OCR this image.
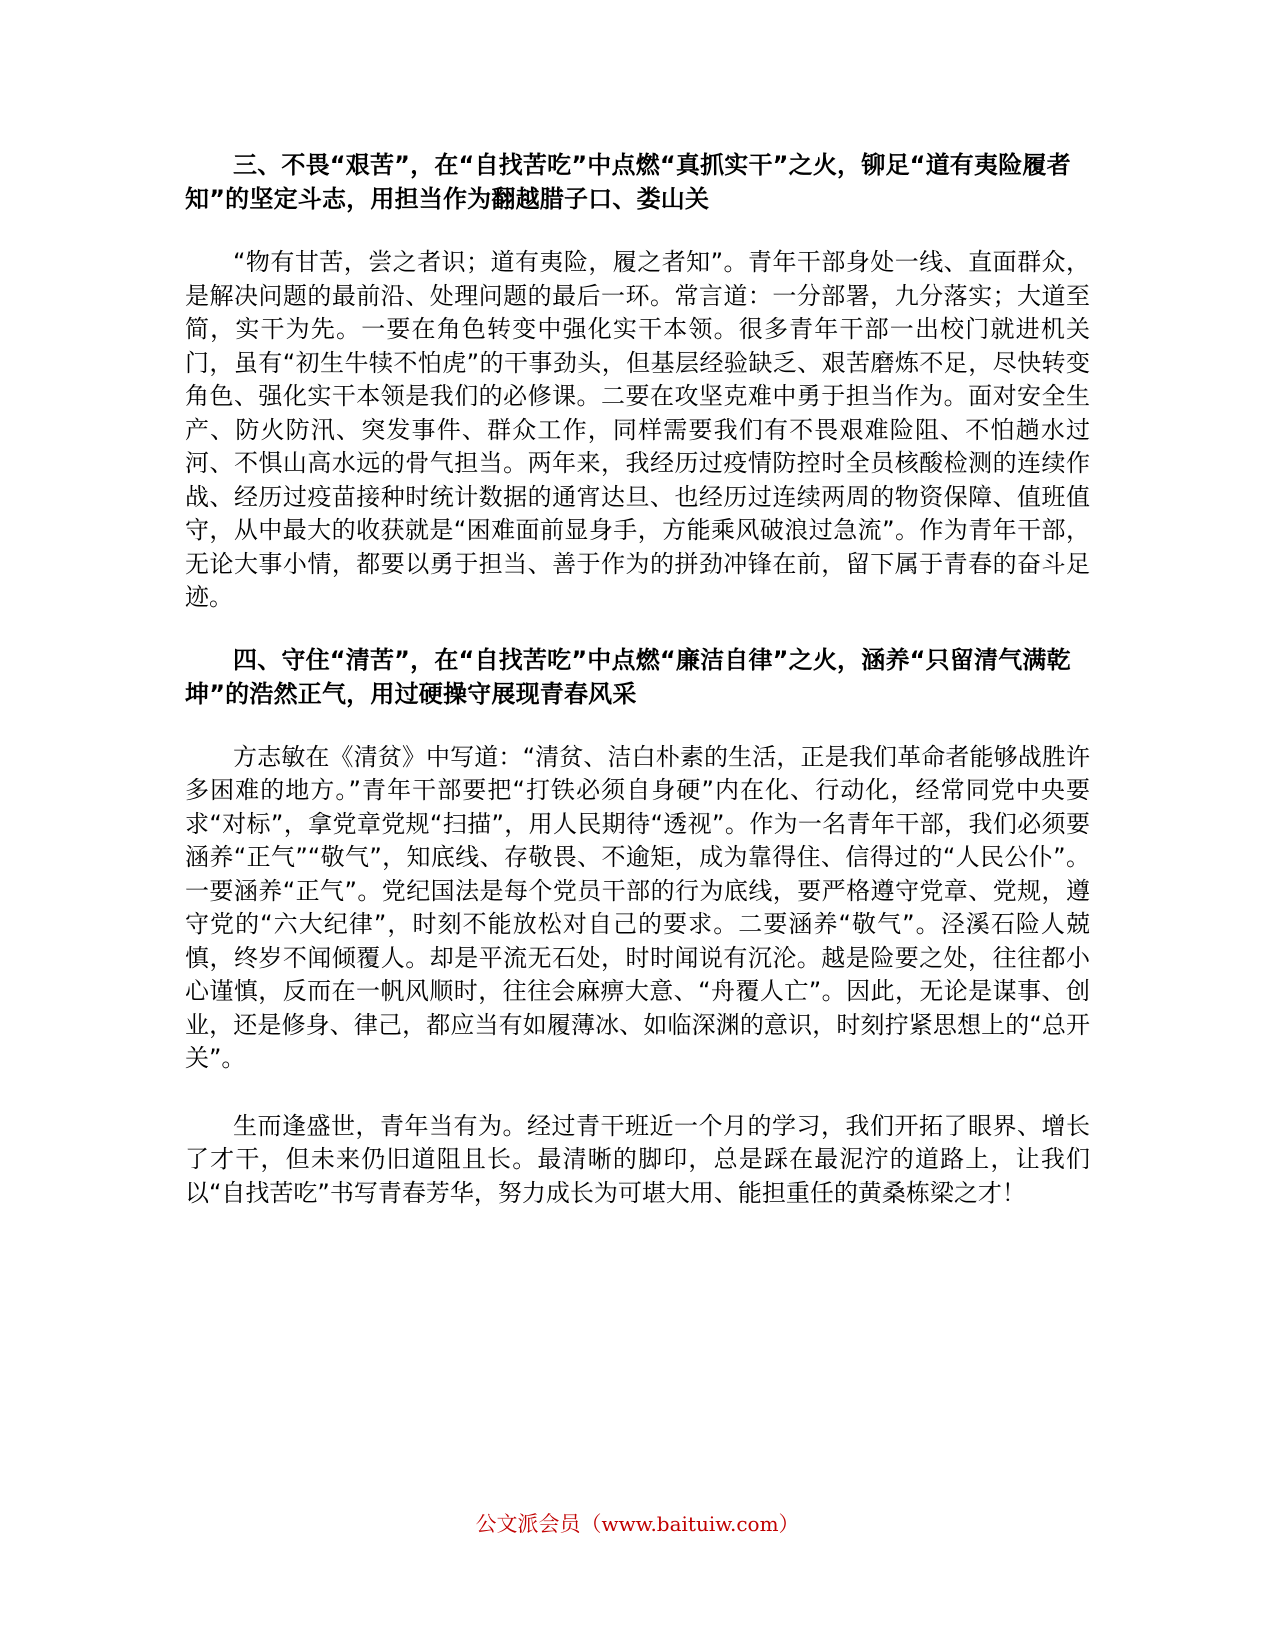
三、不畏“艰苦”，在“自找苦吃”中点燃“真抓实干”之火，铆足“道有夷险履者知”的坚定斗志，用担当作为翻越腊子口、娄山关

“物有甘苦，尝之者识；道有夷险，履之者知”。青年干部身处一线、直面群众，是解决问题的最前沿、处理问题的最后一环。常言道：一分部署，九分落实；大道至简，实干为先。一要在角色转变中强化实干本领。很多青年干部一出校门就进机关门，虽有“初生牛犊不怕虎”的干事劲头，但基层经验缺乏、艰苦磨炼不足，尽快转变角色、强化实干本领是我们的必修课。二要在攻坚克难中勇于担当作为。面对安全生产、防火防汛、突发事件、群众工作，同样需要我们有不畏艰难险阻、不怕趟水过河、不惧山高水远的骨气担当。两年来，我经历过疫情防控时全员核酸检测的连续作战、经历过疫苗接种时统计数据的通宵达旦、也经历过连续两周的物资保障、值班值守，从中最大的收获就是“困难面前显身手，方能乘风破浪过急流”。作为青年干部，无论大事小情，都要以勇于担当、善于作为的拼劲冲锋在前，留下属于青春的奋斗足迹。

四、守住“清苦”，在“自找苦吃”中点燃“廉洁自律”之火，涵养“只留清气满乾坤”的浩然正气，用过硬操守展现青春风采

方志敏在《清贫》中写道：“清贫、洁白朴素的生活，正是我们革命者能够战胜许多困难的地方。”青年干部要把“打铁必须自身硬”内在化、行动化，经常同党中央要求“对标”，拿党章党规“扫描”，用人民期待“透视”。作为一名青年干部，我们必须要涵养“正气”“敬气”，知底线、存敬畏、不逾矩，成为靠得住、信得过的“人民公仆”。一要涵养“正气”。党纪国法是每个党员干部的行为底线，要严格遵守党章、党规，遵守党的“六大纪律”，时刻不能放松对自己的要求。二要涵养“敬气”。泾溪石险人兢慎，终岁不闻倾覆人。却是平流无石处，时时闻说有沉沦。越是险要之处，往往都小心谨慎，反而在一帆风顺时，往往会麻痹大意、“舟覆人亡”。因此，无论是谋事、创业，还是修身、律己，都应当有如履薄冰、如临深渊的意识，时刻拧紧思想上的“总开关”。

生而逢盛世，青年当有为。经过青干班近一个月的学习，我们开拓了眼界、增长了才干，但未来仍旧道阻且长。最清晰的脚印，总是踩在最泥泞的道路上，让我们以“自找苦吃”书写青春芳华，努力成长为可堪大用、能担重任的黄桑栋梁之才！

公文派会员（www.baituiw.com）
